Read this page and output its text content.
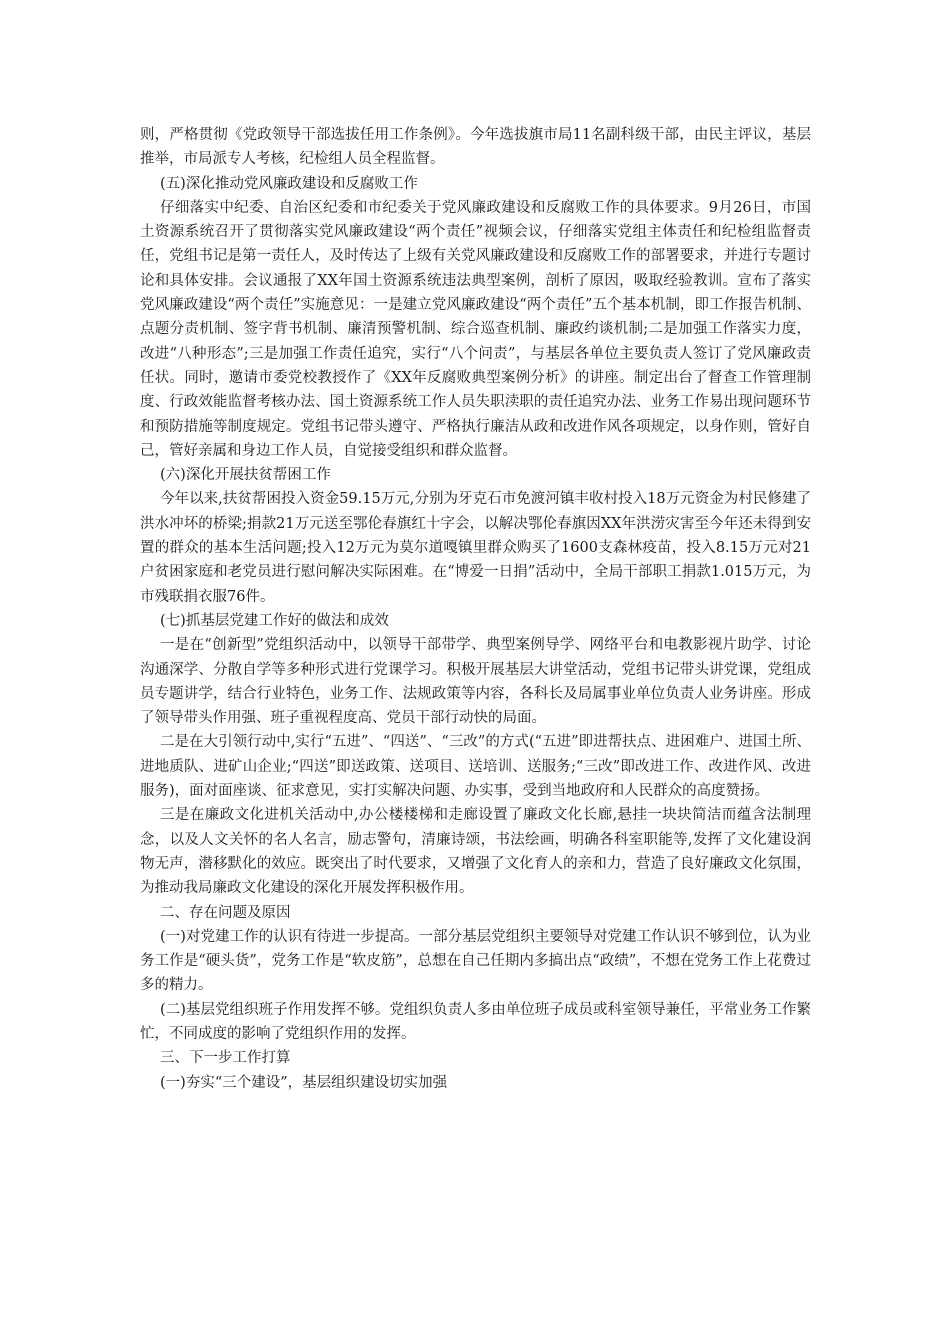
则，严格贯彻《党政领导干部选拔任用工作条例》。今年选拔旗市局11名副科级干部，由民主评议，基层推举，市局派专人考核，纪检组人员全程监督。

(五)深化推动党风廉政建设和反腐败工作

仔细落实中纪委、自治区纪委和市纪委关于党风廉政建设和反腐败工作的具体要求。9月26日，市国土资源系统召开了贯彻落实党风廉政建设“两个责任”视频会议，仔细落实党组主体责任和纪检组监督责任，党组书记是第一责任人，及时传达了上级有关党风廉政建设和反腐败工作的部署要求，并进行专题讨论和具体安排。会议通报了XX年国土资源系统违法典型案例，剖析了原因，吸取经验教训。宣布了落实党风廉政建设“两个责任”实施意见：一是建立党风廉政建设“两个责任”五个基本机制，即工作报告机制、点题分责机制、签字背书机制、廉清预警机制、综合巡查机制、廉政约谈机制;二是加强工作落实力度，改进“八种形态”;三是加强工作责任追究，实行“八个问责”，与基层各单位主要负责人签订了党风廉政责任状。同时，邀请市委党校教授作了《XX年反腐败典型案例分析》的讲座。制定出台了督查工作管理制度、行政效能监督考核办法、国土资源系统工作人员失职渎职的责任追究办法、业务工作易出现问题环节和预防措施等制度规定。党组书记带头遵守、严格执行廉洁从政和改进作风各项规定，以身作则，管好自己，管好亲属和身边工作人员，自觉接受组织和群众监督。

(六)深化开展扶贫帮困工作

今年以来,扶贫帮困投入资金59.15万元,分别为牙克石市免渡河镇丰收村投入18万元资金为村民修建了洪水冲坏的桥梁;捐款21万元送至鄂伦春旗红十字会，以解决鄂伦春旗因XX年洪涝灾害至今年还未得到安置的群众的基本生活问题;投入12万元为莫尔道嘎镇里群众购买了1600支森林疫苗，投入8.15万元对21户贫困家庭和老党员进行慰问解决实际困难。在“博爱一日捐”活动中，全局干部职工捐款1.015万元，为市残联捐衣服76件。

(七)抓基层党建工作好的做法和成效

一是在“创新型”党组织活动中，以领导干部带学、典型案例导学、网络平台和电教影视片助学、讨论沟通深学、分散自学等多种形式进行党课学习。积极开展基层大讲堂活动，党组书记带头讲党课，党组成员专题讲学，结合行业特色，业务工作、法规政策等内容，各科长及局属事业单位负责人业务讲座。形成了领导带头作用强、班子重视程度高、党员干部行动快的局面。

二是在大引领行动中,实行“五进”、“四送”、“三改”的方式(“五进”即进帮扶点、进困难户、进国土所、进地质队、进矿山企业;“四送”即送政策、送项目、送培训、送服务;“三改”即改进工作、改进作风、改进服务)，面对面座谈、征求意见，实打实解决问题、办实事，受到当地政府和人民群众的高度赞扬。

三是在廉政文化进机关活动中,办公楼楼梯和走廊设置了廉政文化长廊,悬挂一块块简洁而蕴含法制理念，以及人文关怀的名人名言，励志警句，清廉诗颂，书法绘画，明确各科室职能等,发挥了文化建设润物无声，潜移默化的效应。既突出了时代要求，又增强了文化育人的亲和力，营造了良好廉政文化氛围，为推动我局廉政文化建设的深化开展发挥积极作用。

二、存在问题及原因

(一)对党建工作的认识有待进一步提高。一部分基层党组织主要领导对党建工作认识不够到位，认为业务工作是“硬头货”，党务工作是“软皮筋”，总想在自己任期内多搞出点“政绩”，不想在党务工作上花费过多的精力。

(二)基层党组织班子作用发挥不够。党组织负责人多由单位班子成员或科室领导兼任，平常业务工作繁忙，不同成度的影响了党组织作用的发挥。

三、下一步工作打算

(一)夯实“三个建设”，基层组织建设切实加强
